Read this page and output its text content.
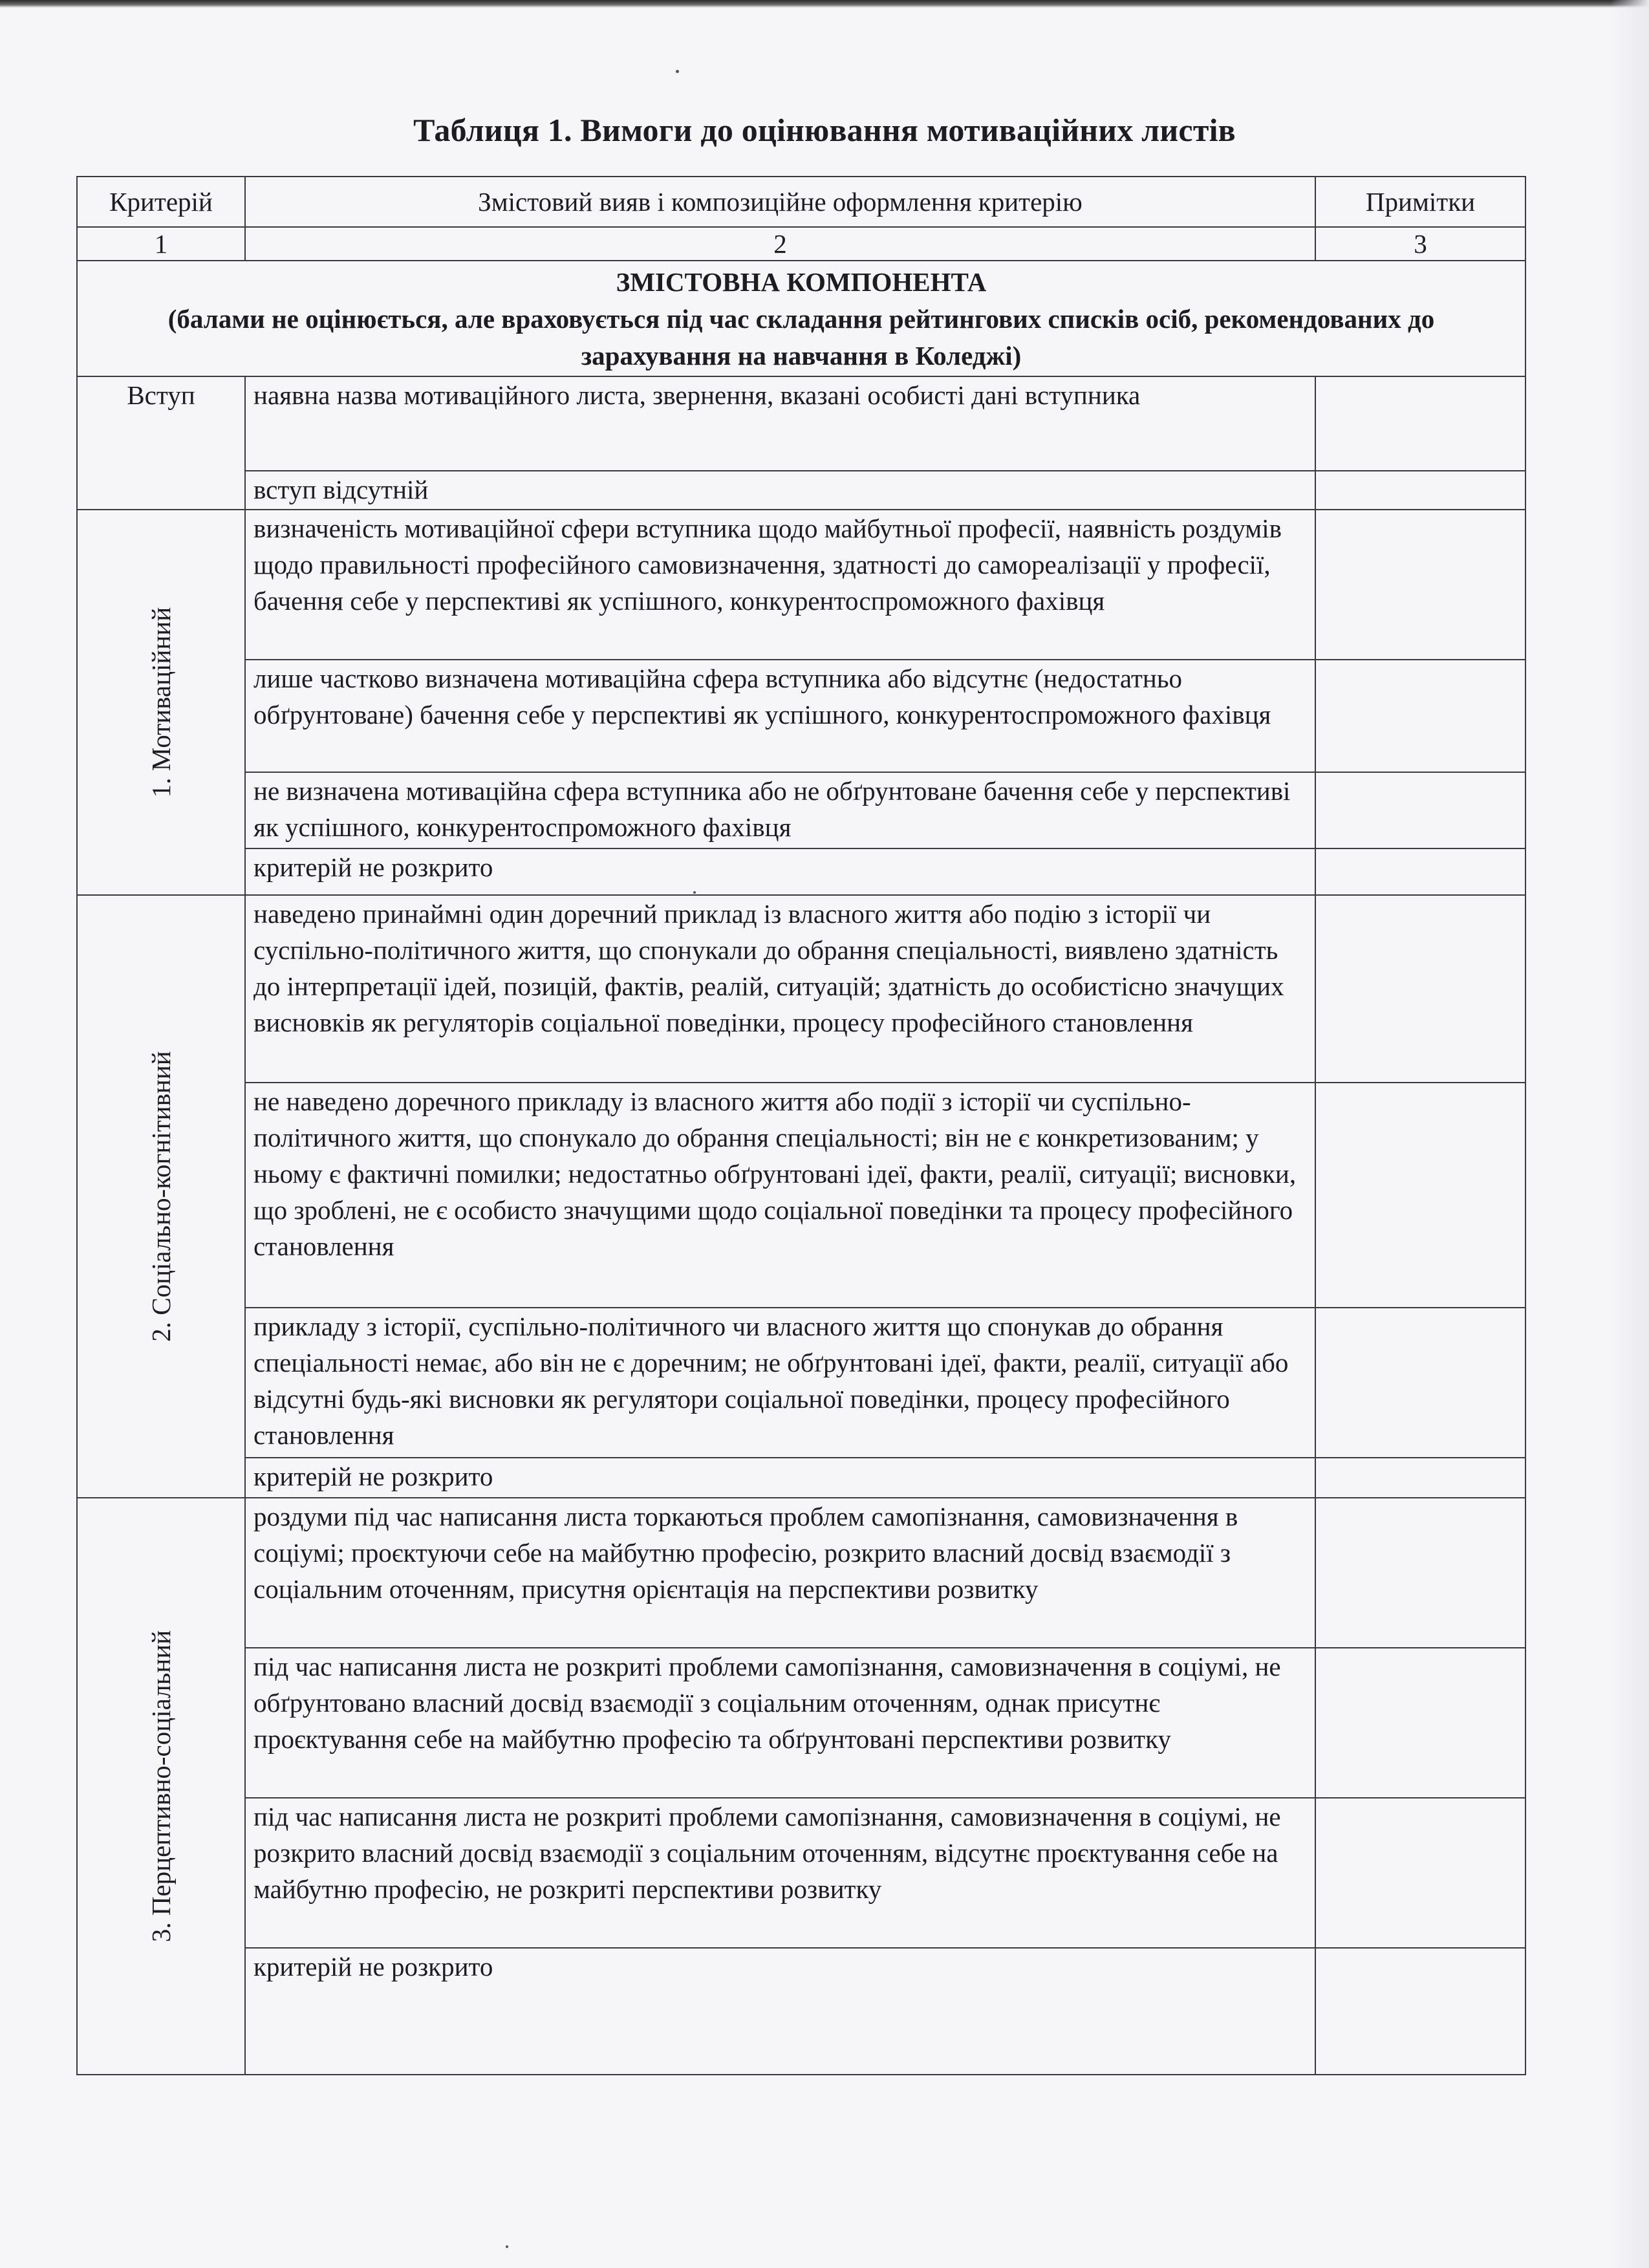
Таблиця 1. Вимоги до оцінювання мотиваційних листів
Критерій	Змістовий вияв і композиційне оформлення критерію	Примітки
1	2	3

ЗМІСТОВНА КОМПОНЕНТА
(балами не оцінюється, але враховується під час складання рейтингових списків осіб, рекомендованих до зарахування на навчання в Коледжі)		

Вступ	наявна назва мотиваційного листа, звернення, вказані особисті дані вступника	
	вступ відсутній	

1. Мотиваційний	визначеність мотиваційної сфери вступника щодо майбутньої професії, наявність роздумів щодо правильності професійного самовизначення, здатності до самореалізації у професії, бачення себе у перспективі як успішного, конкурентоспроможного фахівця	
	лише частково визначена мотиваційна сфера вступника або відсутнє (недостатньо обґрунтоване) бачення себе у перспективі як успішного, конкурентоспроможного фахівця	
	не визначена мотиваційна сфера вступника або не обґрунтоване бачення себе у перспективі як успішного, конкурентоспроможного фахівця	
	критерій не розкрито	

2. Соціально-когнітивний	наведено принаймні один доречний приклад із власного життя або подію з історії чи суспільно-політичного життя, що спонукали до обрання спеціальності, виявлено здатність до інтерпретації ідей, позицій, фактів, реалій, ситуацій; здатність до особистісно значущих висновків як регуляторів соціальної поведінки, процесу професійного становлення	
	не наведено доречного прикладу із власного життя або події з історії чи суспільно-політичного життя, що спонукало до обрання спеціальності; він не є конкретизованим; у ньому є фактичні помилки; недостатньо обґрунтовані ідеї, факти, реалії, ситуації; висновки, що зроблені, не є особисто значущими щодо соціальної поведінки та процесу професійного становлення	
	прикладу з історії, суспільно-політичного чи власного життя що спонукав до обрання спеціальності немає, або він не є доречним; не обґрунтовані ідеї, факти, реалії, ситуації або відсутні будь-які висновки як регулятори соціальної поведінки, процесу професійного становлення	
	критерій не розкрито	

3. Перцептивно-соціальний	роздуми під час написання листа торкаються проблем самопізнання, самовизначення в соціумі; проєктуючи себе на майбутню професію, розкрито власний досвід взаємодії з соціальним оточенням, присутня орієнтація на перспективи розвитку	
	під час написання листа не розкриті проблеми самопізнання, самовизначення в соціумі, не обґрунтовано власний досвід взаємодії з соціальним оточенням, однак присутнє проєктування себе на майбутню професію та обґрунтовані перспективи розвитку	
	під час написання листа не розкриті проблеми самопізнання, самовизначення в соціумі, не розкрито власний досвід взаємодії з соціальним оточенням, відсутнє проєктування себе на майбутню професію, не розкриті перспективи розвитку	
	критерій не розкрито	
